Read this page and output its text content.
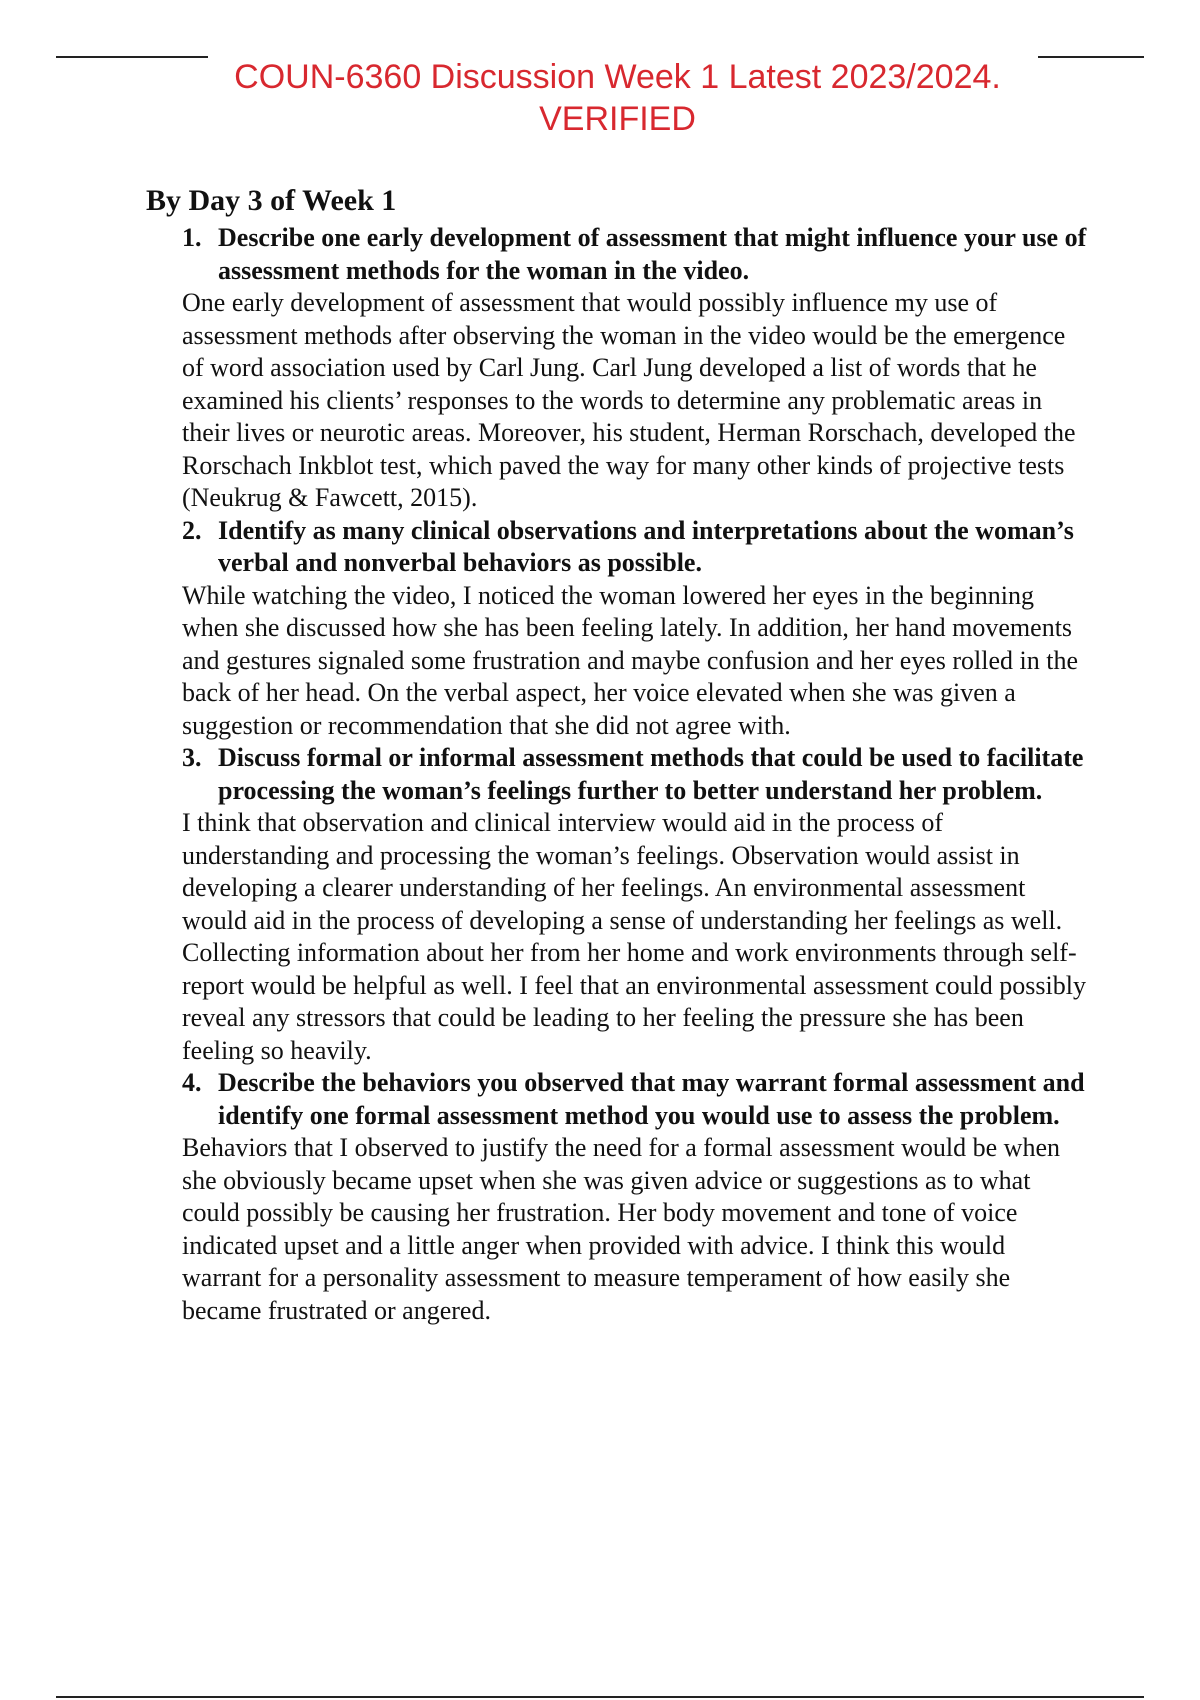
COUN-6360 Discussion Week 1 Latest 2023/2024.
VERIFIED
By Day 3 of Week 1
1. Describe one early development of assessment that might influence your use of assessment methods for the woman in the video.

One early development of assessment that would possibly influence my use of assessment methods after observing the woman in the video would be the emergence of word association used by Carl Jung. Carl Jung developed a list of words that he examined his clients’ responses to the words to determine any problematic areas in their lives or neurotic areas. Moreover, his student, Herman Rorschach, developed the Rorschach Inkblot test, which paved the way for many other kinds of projective tests (Neukrug & Fawcett, 2015).

2. Identify as many clinical observations and interpretations about the woman’s verbal and nonverbal behaviors as possible.

While watching the video, I noticed the woman lowered her eyes in the beginning when she discussed how she has been feeling lately. In addition, her hand movements and gestures signaled some frustration and maybe confusion and her eyes rolled in the back of her head. On the verbal aspect, her voice elevated when she was given a suggestion or recommendation that she did not agree with.

3. Discuss formal or informal assessment methods that could be used to facilitate processing the woman’s feelings further to better understand her problem.

I think that observation and clinical interview would aid in the process of understanding and processing the woman’s feelings. Observation would assist in developing a clearer understanding of her feelings. An environmental assessment would aid in the process of developing a sense of understanding her feelings as well. Collecting information about her from her home and work environments through self-report would be helpful as well. I feel that an environmental assessment could possibly reveal any stressors that could be leading to her feeling the pressure she has been feeling so heavily.

4. Describe the behaviors you observed that may warrant formal assessment and identify one formal assessment method you would use to assess the problem.

Behaviors that I observed to justify the need for a formal assessment would be when she obviously became upset when she was given advice or suggestions as to what could possibly be causing her frustration. Her body movement and tone of voice indicated upset and a little anger when provided with advice. I think this would warrant for a personality assessment to measure temperament of how easily she became frustrated or angered.
